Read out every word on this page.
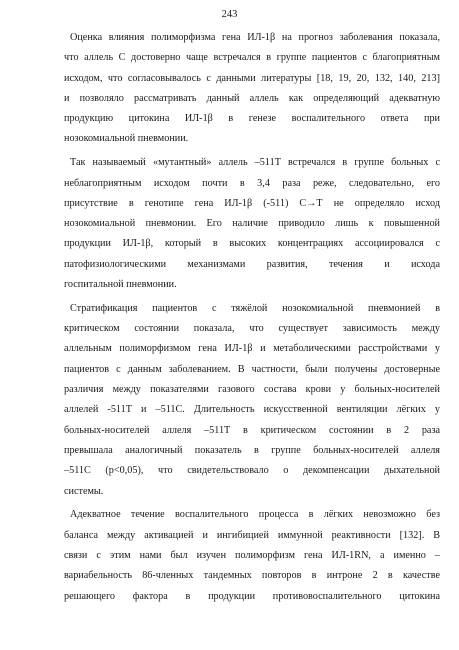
243
Оценка влияния полиморфизма гена ИЛ-1β на прогноз заболевания показала,
что аллель С достоверно чаще встречался в группе пациентов с благоприятным
исходом, что согласовывалось с данными литературы [18, 19, 20, 132, 140, 213]
и позволяло рассматривать данный аллель как определяющий адекватную
продукцию цитокина ИЛ-1β в генезе воспалительного ответа при
нозокомиальной пневмонии.
Так называемый «мутантный» аллель –511Т встречался в группе больных с
неблагоприятным исходом почти в 3,4 раза реже, следовательно, его
присутствие в генотипе гена ИЛ-1β (-511) С→Т не определяло исход
нозокомиальной пневмонии. Его наличие приводило лишь к повышенной
продукции ИЛ-1β, который в высоких концентрациях ассоциировался с
патофизиологическими механизмами развития, течения и исхода
госпитальной пневмонии.
Стратификация пациентов с тяжёлой нозокомиальной пневмонией в
критическом состоянии показала, что существует зависимость между
аллельным полиморфизмом гена ИЛ-1β и метаболическими расстройствами у
пациентов с данным заболеванием. В частности, были получены достоверные
различия между показателями газового состава крови у больных-носителей
аллелей -511Т и –511С. Длительность искусственной вентиляции лёгких у
больных-носителей аллеля –511Т в критическом состоянии в 2 раза
превышала аналогичный показатель в группе больных-носителей аллеля
–511С (р<0,05), что свидетельствовало о декомпенсации дыхательной
системы.
Адекватное течение воспалительного процесса в лёгких невозможно без
баланса между активацией и ингибицией иммунной реактивности [132]. В
связи с этим нами был изучен полиморфизм гена ИЛ-1RN, а именно –
вариабельность 86-членных тандемных повторов в интроне 2 в качестве
решающего фактора в продукции противовоспалительного цитокина
